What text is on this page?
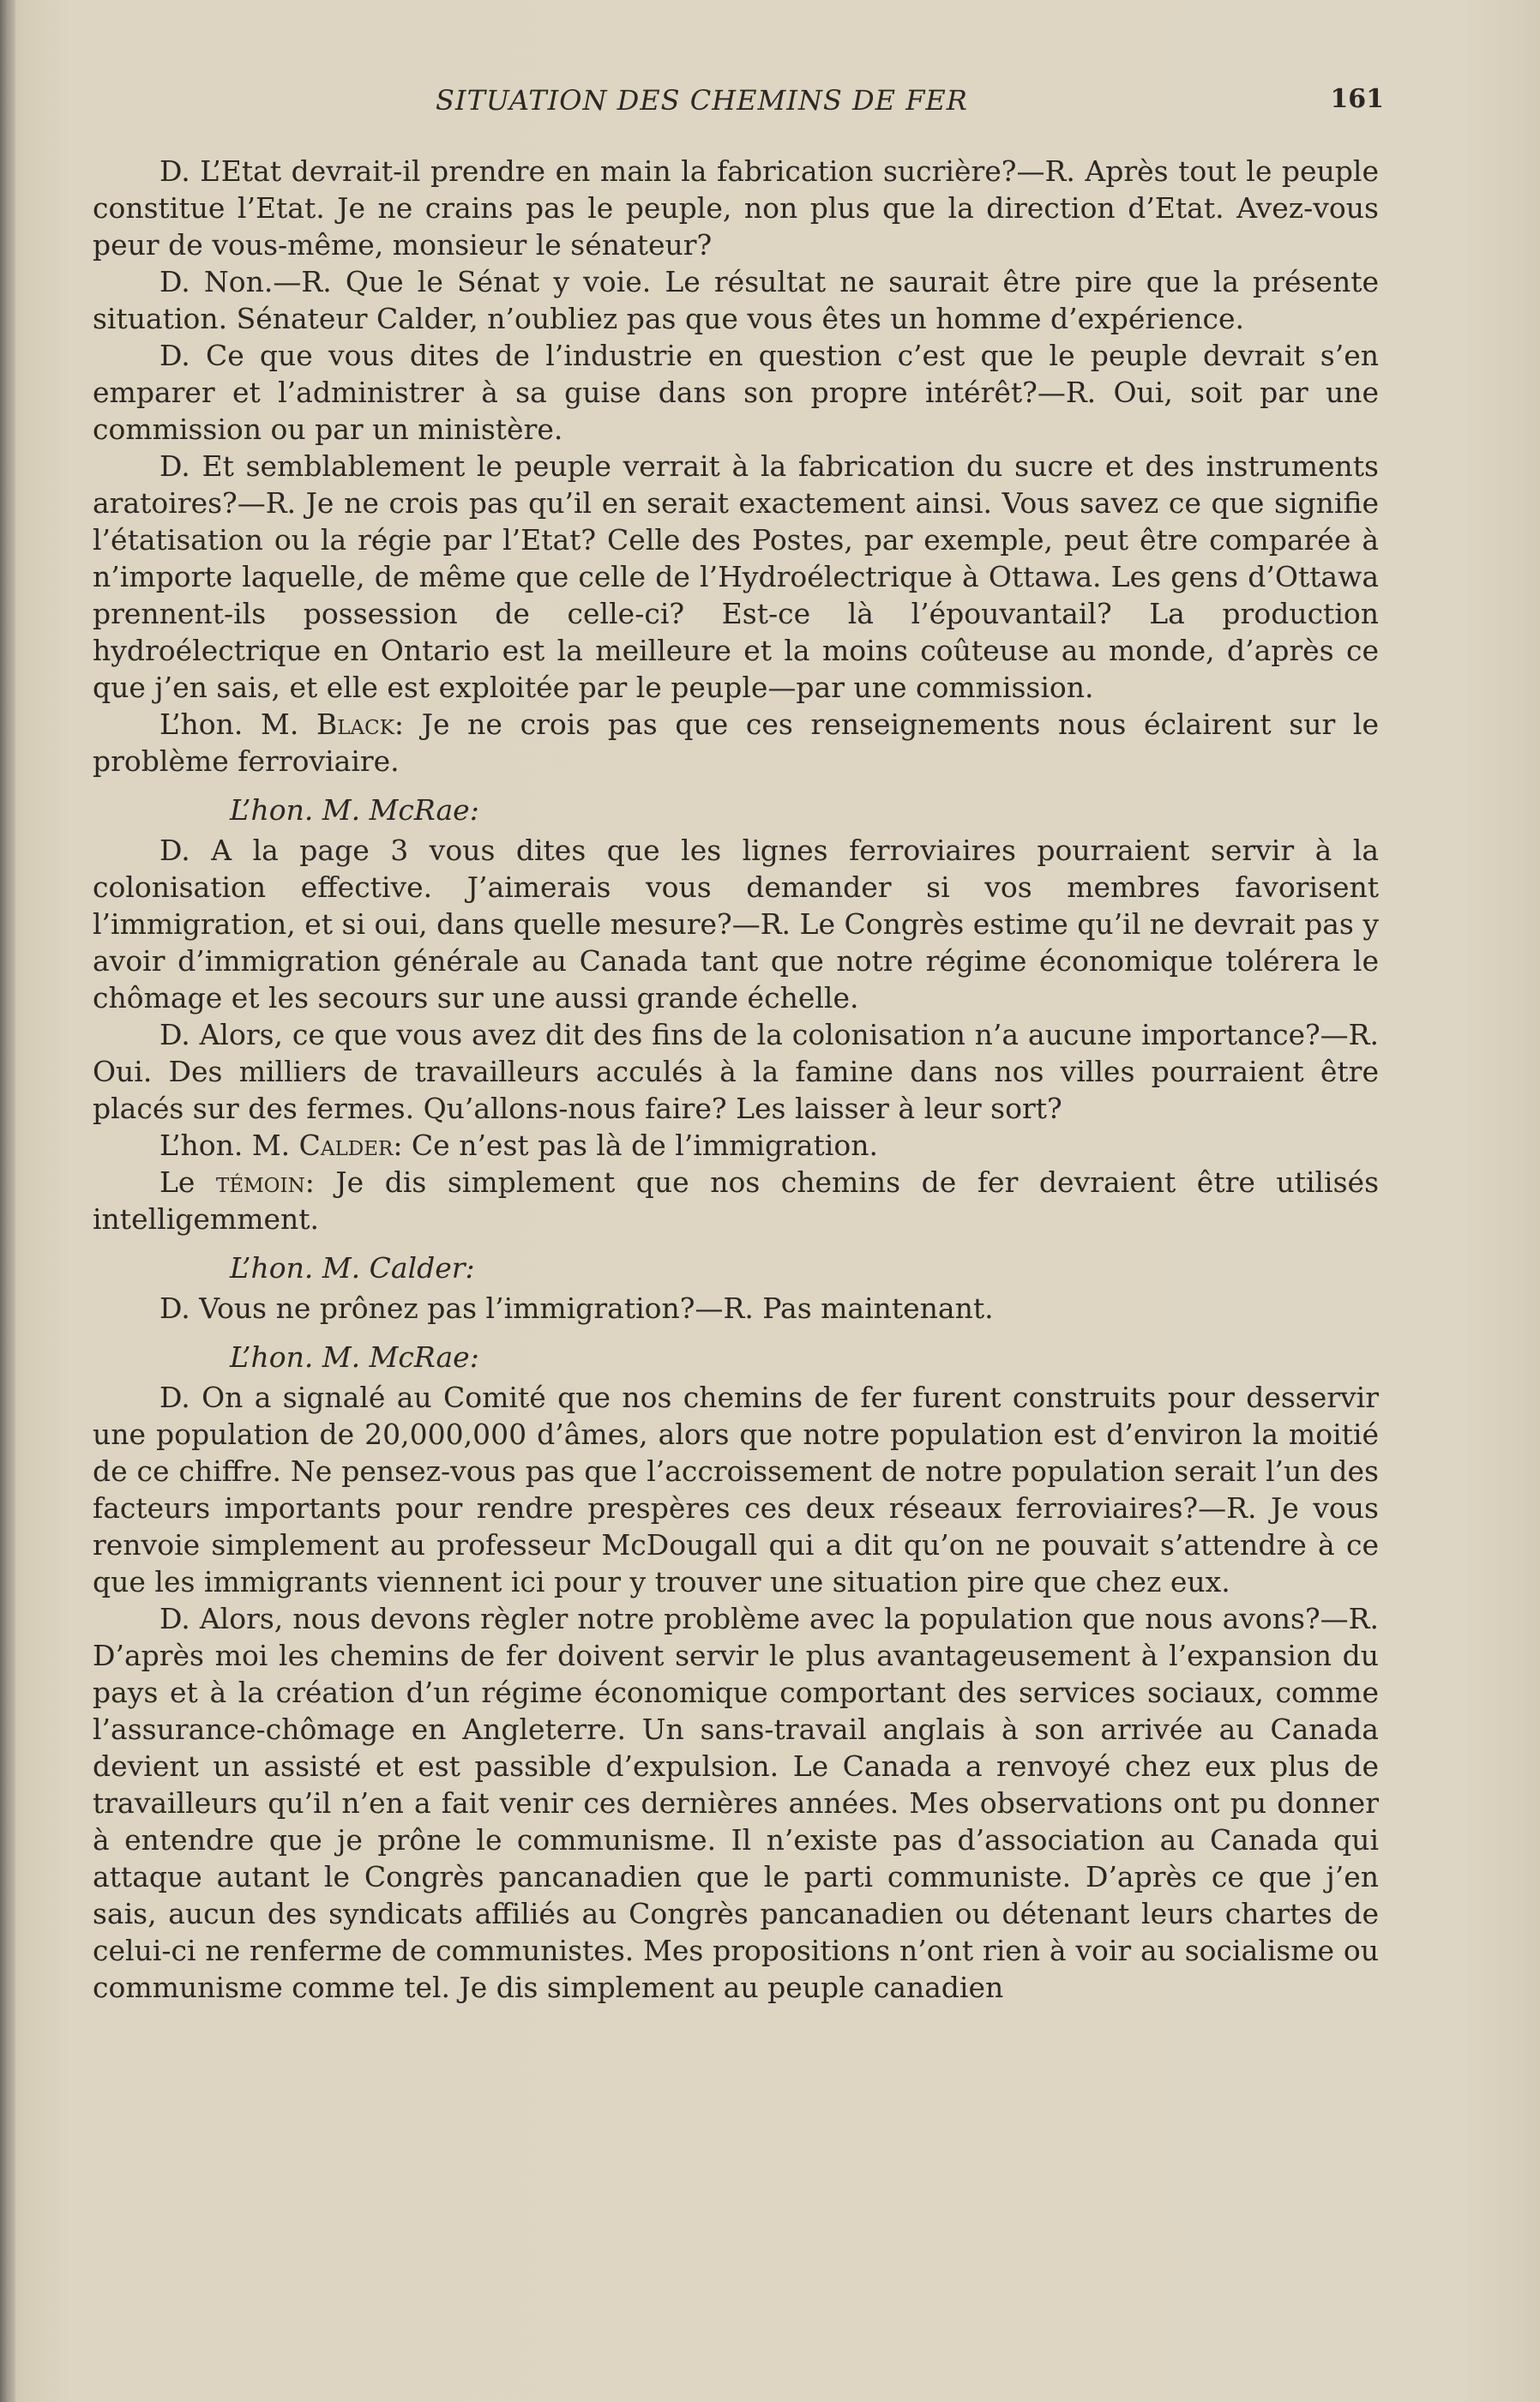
SITUATION DES CHEMINS DE FER	161

D. L’Etat devrait-il prendre en main la fabrication sucrière?—R. Après tout le peuple constitue l’Etat. Je ne crains pas le peuple, non plus que la direction d’Etat. Avez-vous peur de vous-même, monsieur le sénateur?

D. Non.—R. Que le Sénat y voie. Le résultat ne saurait être pire que la présente situation. Sénateur Calder, n’oubliez pas que vous êtes un homme d’expérience.

D. Ce que vous dites de l’industrie en question c’est que le peuple devrait s’en emparer et l’administrer à sa guise dans son propre intérêt?—R. Oui, soit par une commission ou par un ministère.

D. Et semblablement le peuple verrait à la fabrication du sucre et des instruments aratoires?—R. Je ne crois pas qu’il en serait exactement ainsi. Vous savez ce que signifie l’étatisation ou la régie par l’Etat? Celle des Postes, par exemple, peut être comparée à n’importe laquelle, de même que celle de l’Hydroélectrique à Ottawa. Les gens d’Ottawa prennent-ils possession de celle-ci? Est-ce là l’épouvantail? La production hydroélectrique en Ontario est la meilleure et la moins coûteuse au monde, d’après ce que j’en sais, et elle est exploitée par le peuple—par une commission.

L’hon. M. Black: Je ne crois pas que ces renseignements nous éclairent sur le problème ferroviaire.

L’hon. M. McRae:

D. A la page 3 vous dites que les lignes ferroviaires pourraient servir à la colonisation effective. J’aimerais vous demander si vos membres favorisent l’immigration, et si oui, dans quelle mesure?—R. Le Congrès estime qu’il ne devrait pas y avoir d’immigration générale au Canada tant que notre régime économique tolérera le chômage et les secours sur une aussi grande échelle.

D. Alors, ce que vous avez dit des fins de la colonisation n’a aucune importance?—R. Oui. Des milliers de travailleurs acculés à la famine dans nos villes pourraient être placés sur des fermes. Qu’allons-nous faire? Les laisser à leur sort?

L’hon. M. Calder: Ce n’est pas là de l’immigration.

Le témoin: Je dis simplement que nos chemins de fer devraient être utilisés intelligemment.

L’hon. M. Calder:

D. Vous ne prônez pas l’immigration?—R. Pas maintenant.

L’hon. M. McRae:

D. On a signalé au Comité que nos chemins de fer furent construits pour desservir une population de 20,000,000 d’âmes, alors que notre population est d’environ la moitié de ce chiffre. Ne pensez-vous pas que l’accroissement de notre population serait l’un des facteurs importants pour rendre prespères ces deux réseaux ferroviaires?—R. Je vous renvoie simplement au professeur McDougall qui a dit qu’on ne pouvait s’attendre à ce que les immigrants viennent ici pour y trouver une situation pire que chez eux.

D. Alors, nous devons règler notre problème avec la population que nous avons?—R. D’après moi les chemins de fer doivent servir le plus avantageusement à l’expansion du pays et à la création d’un régime économique comportant des services sociaux, comme l’assurance-chômage en Angleterre. Un sans-travail anglais à son arrivée au Canada devient un assisté et est passible d’expulsion. Le Canada a renvoyé chez eux plus de travailleurs qu’il n’en a fait venir ces dernières années. Mes observations ont pu donner à entendre que je prône le communisme. Il n’existe pas d’association au Canada qui attaque autant le Congrès pancanadien que le parti communiste. D’après ce que j’en sais, aucun des syndicats affiliés au Congrès pancanadien ou détenant leurs chartes de celui-ci ne renferme de communistes. Mes propositions n’ont rien à voir au socialisme ou communisme comme tel. Je dis simplement au peuple canadien
